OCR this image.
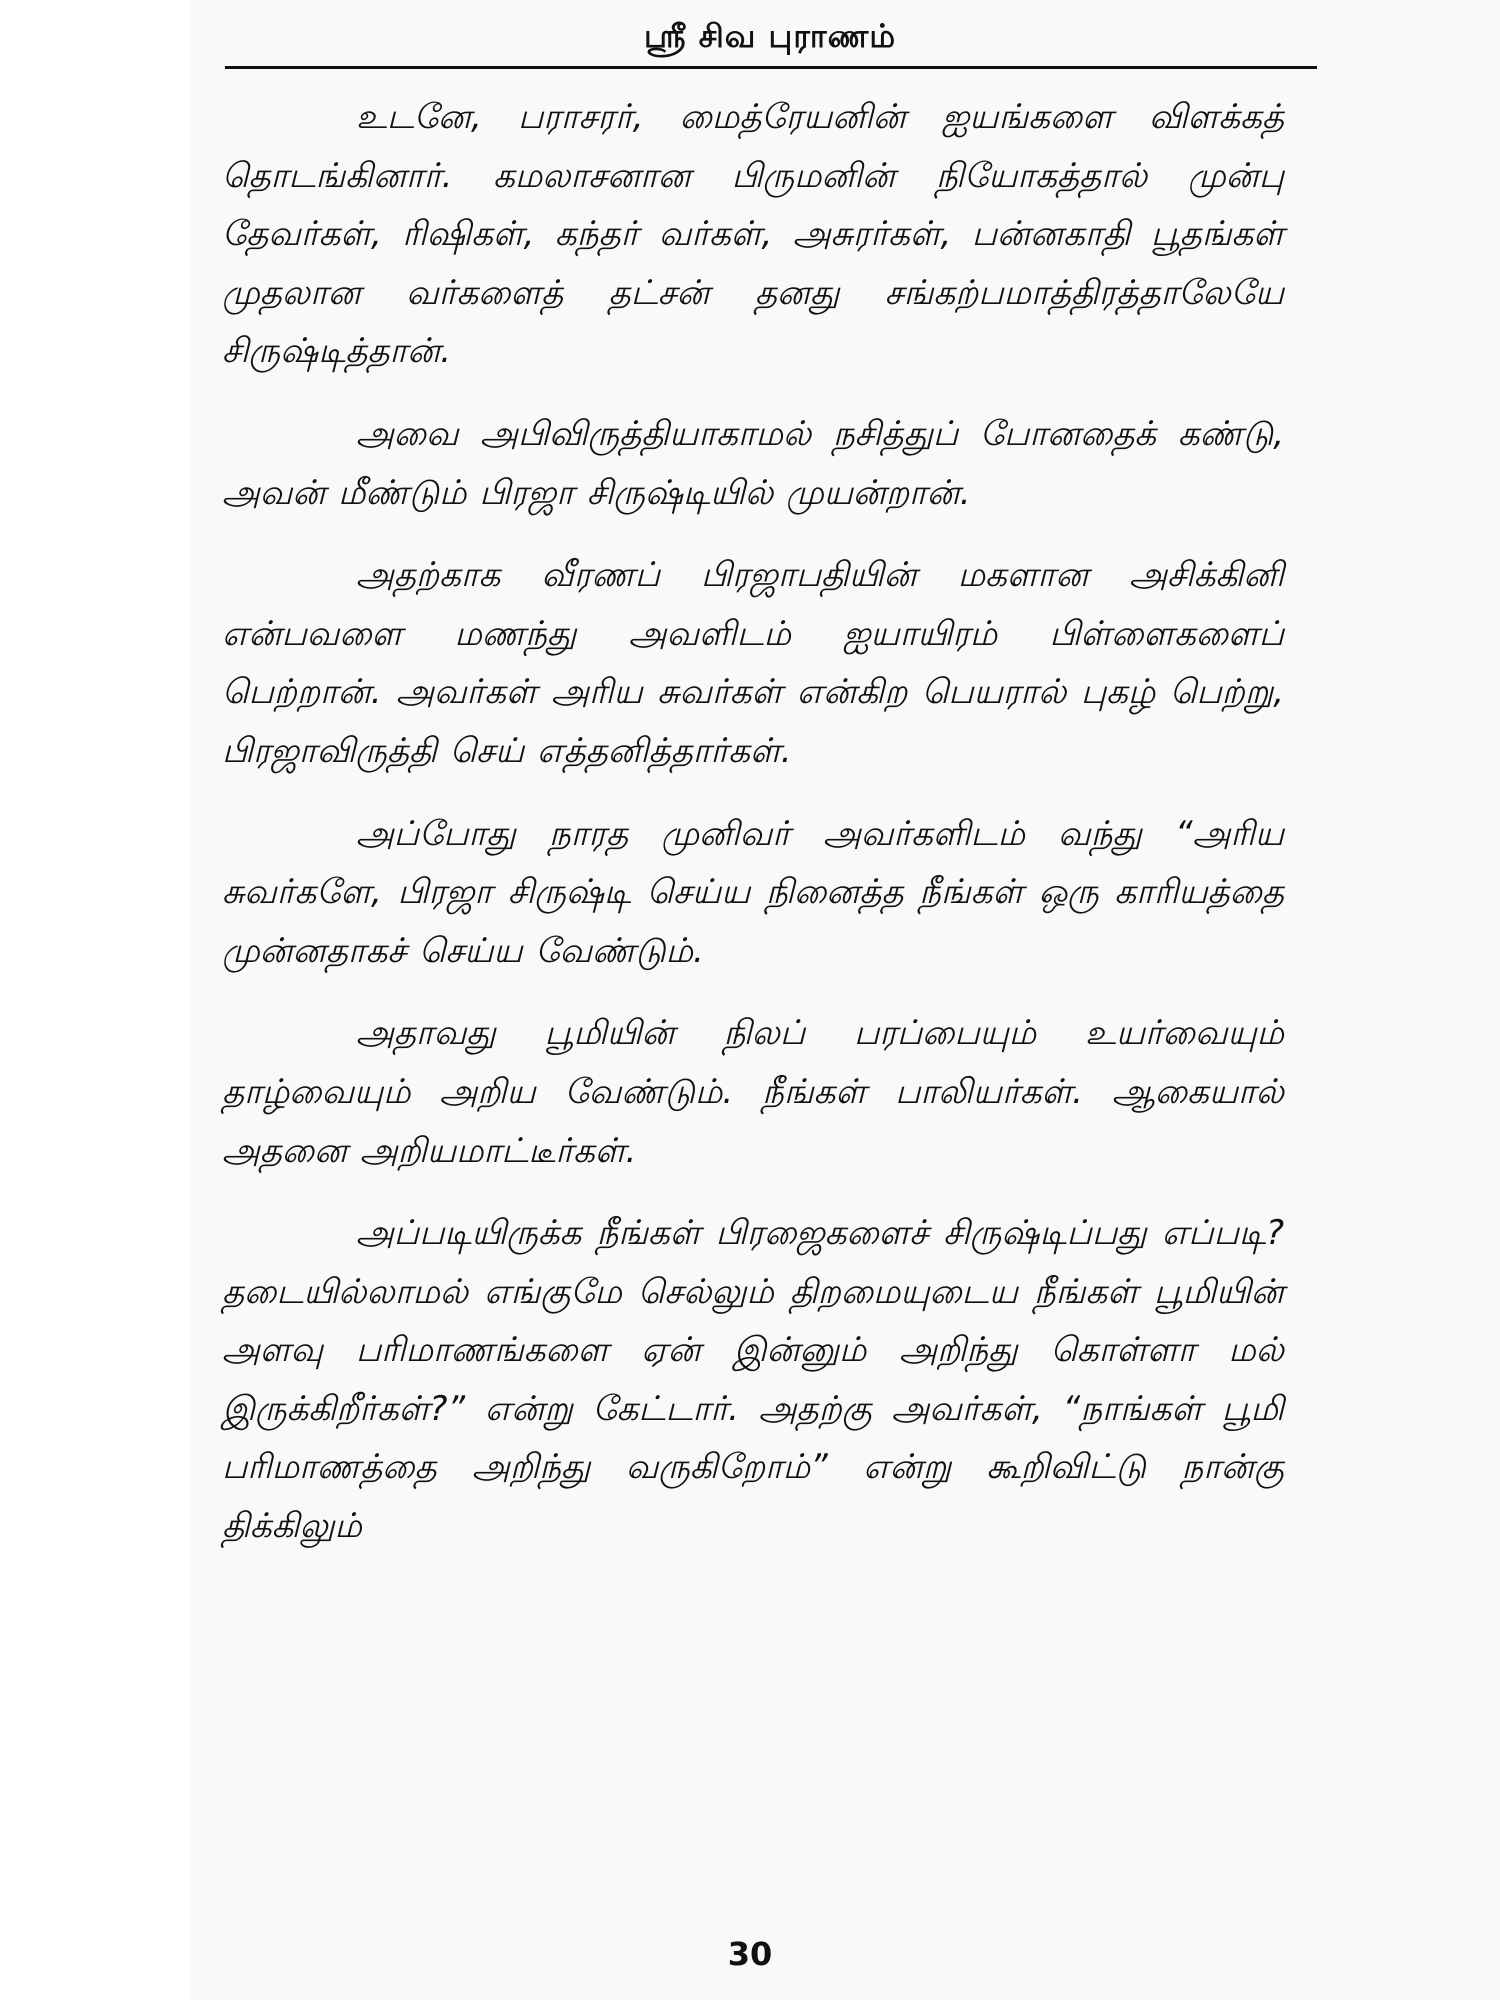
ஸ்ரீ சிவ புராணம்

உடனே, பராசரர், மைத்ரேயனின் ஐயங்களை விளக்கத் தொடங்கினார். கமலாசனான பிருமனின் நியோகத்தால் முன்பு தேவர்கள், ரிஷிகள், கந்தர் வர்கள், அசுரர்கள், பன்னகாதி பூதங்கள் முதலான வர்களைத் தட்சன் தனது சங்கற்பமாத்திரத்தாலேயே சிருஷ்டித்தான்.

அவை அபிவிருத்தியாகாமல் நசித்துப் போனதைக் கண்டு, அவன் மீண்டும் பிரஜா சிருஷ்டியில் முயன்றான்.

அதற்காக வீரணப் பிரஜாபதியின் மகளான அசிக்கினி என்பவளை மணந்து அவளிடம் ஐயாயிரம் பிள்ளைகளைப் பெற்றான். அவர்கள் அரிய சுவர்கள் என்கிற பெயரால் புகழ் பெற்று, பிரஜாவிருத்தி செய் எத்தனித்தார்கள்.

அப்போது நாரத முனிவர் அவர்களிடம் வந்து “அரிய சுவர்களே, பிரஜா சிருஷ்டி செய்ய நினைத்த நீங்கள் ஒரு காரியத்தை முன்னதாகச் செய்ய வேண்டும்.

அதாவது பூமியின் நிலப் பரப்பையும் உயர்வையும் தாழ்வையும் அறிய வேண்டும். நீங்கள் பாலியர்கள். ஆகையால் அதனை அறியமாட்டீர்கள்.

அப்படியிருக்க நீங்கள் பிரஜைகளைச் சிருஷ்டிப்பது எப்படி? தடையில்லாமல் எங்குமே செல்லும் திறமையுடைய நீங்கள் பூமியின் அளவு பரிமாணங்களை ஏன் இன்னும் அறிந்து கொள்ளா மல் இருக்கிறீர்கள்?” என்று கேட்டார். அதற்கு அவர்கள், “நாங்கள் பூமி பரிமாணத்தை அறிந்து வருகிறோம்” என்று கூறிவிட்டு நான்கு திக்கிலும்

30
